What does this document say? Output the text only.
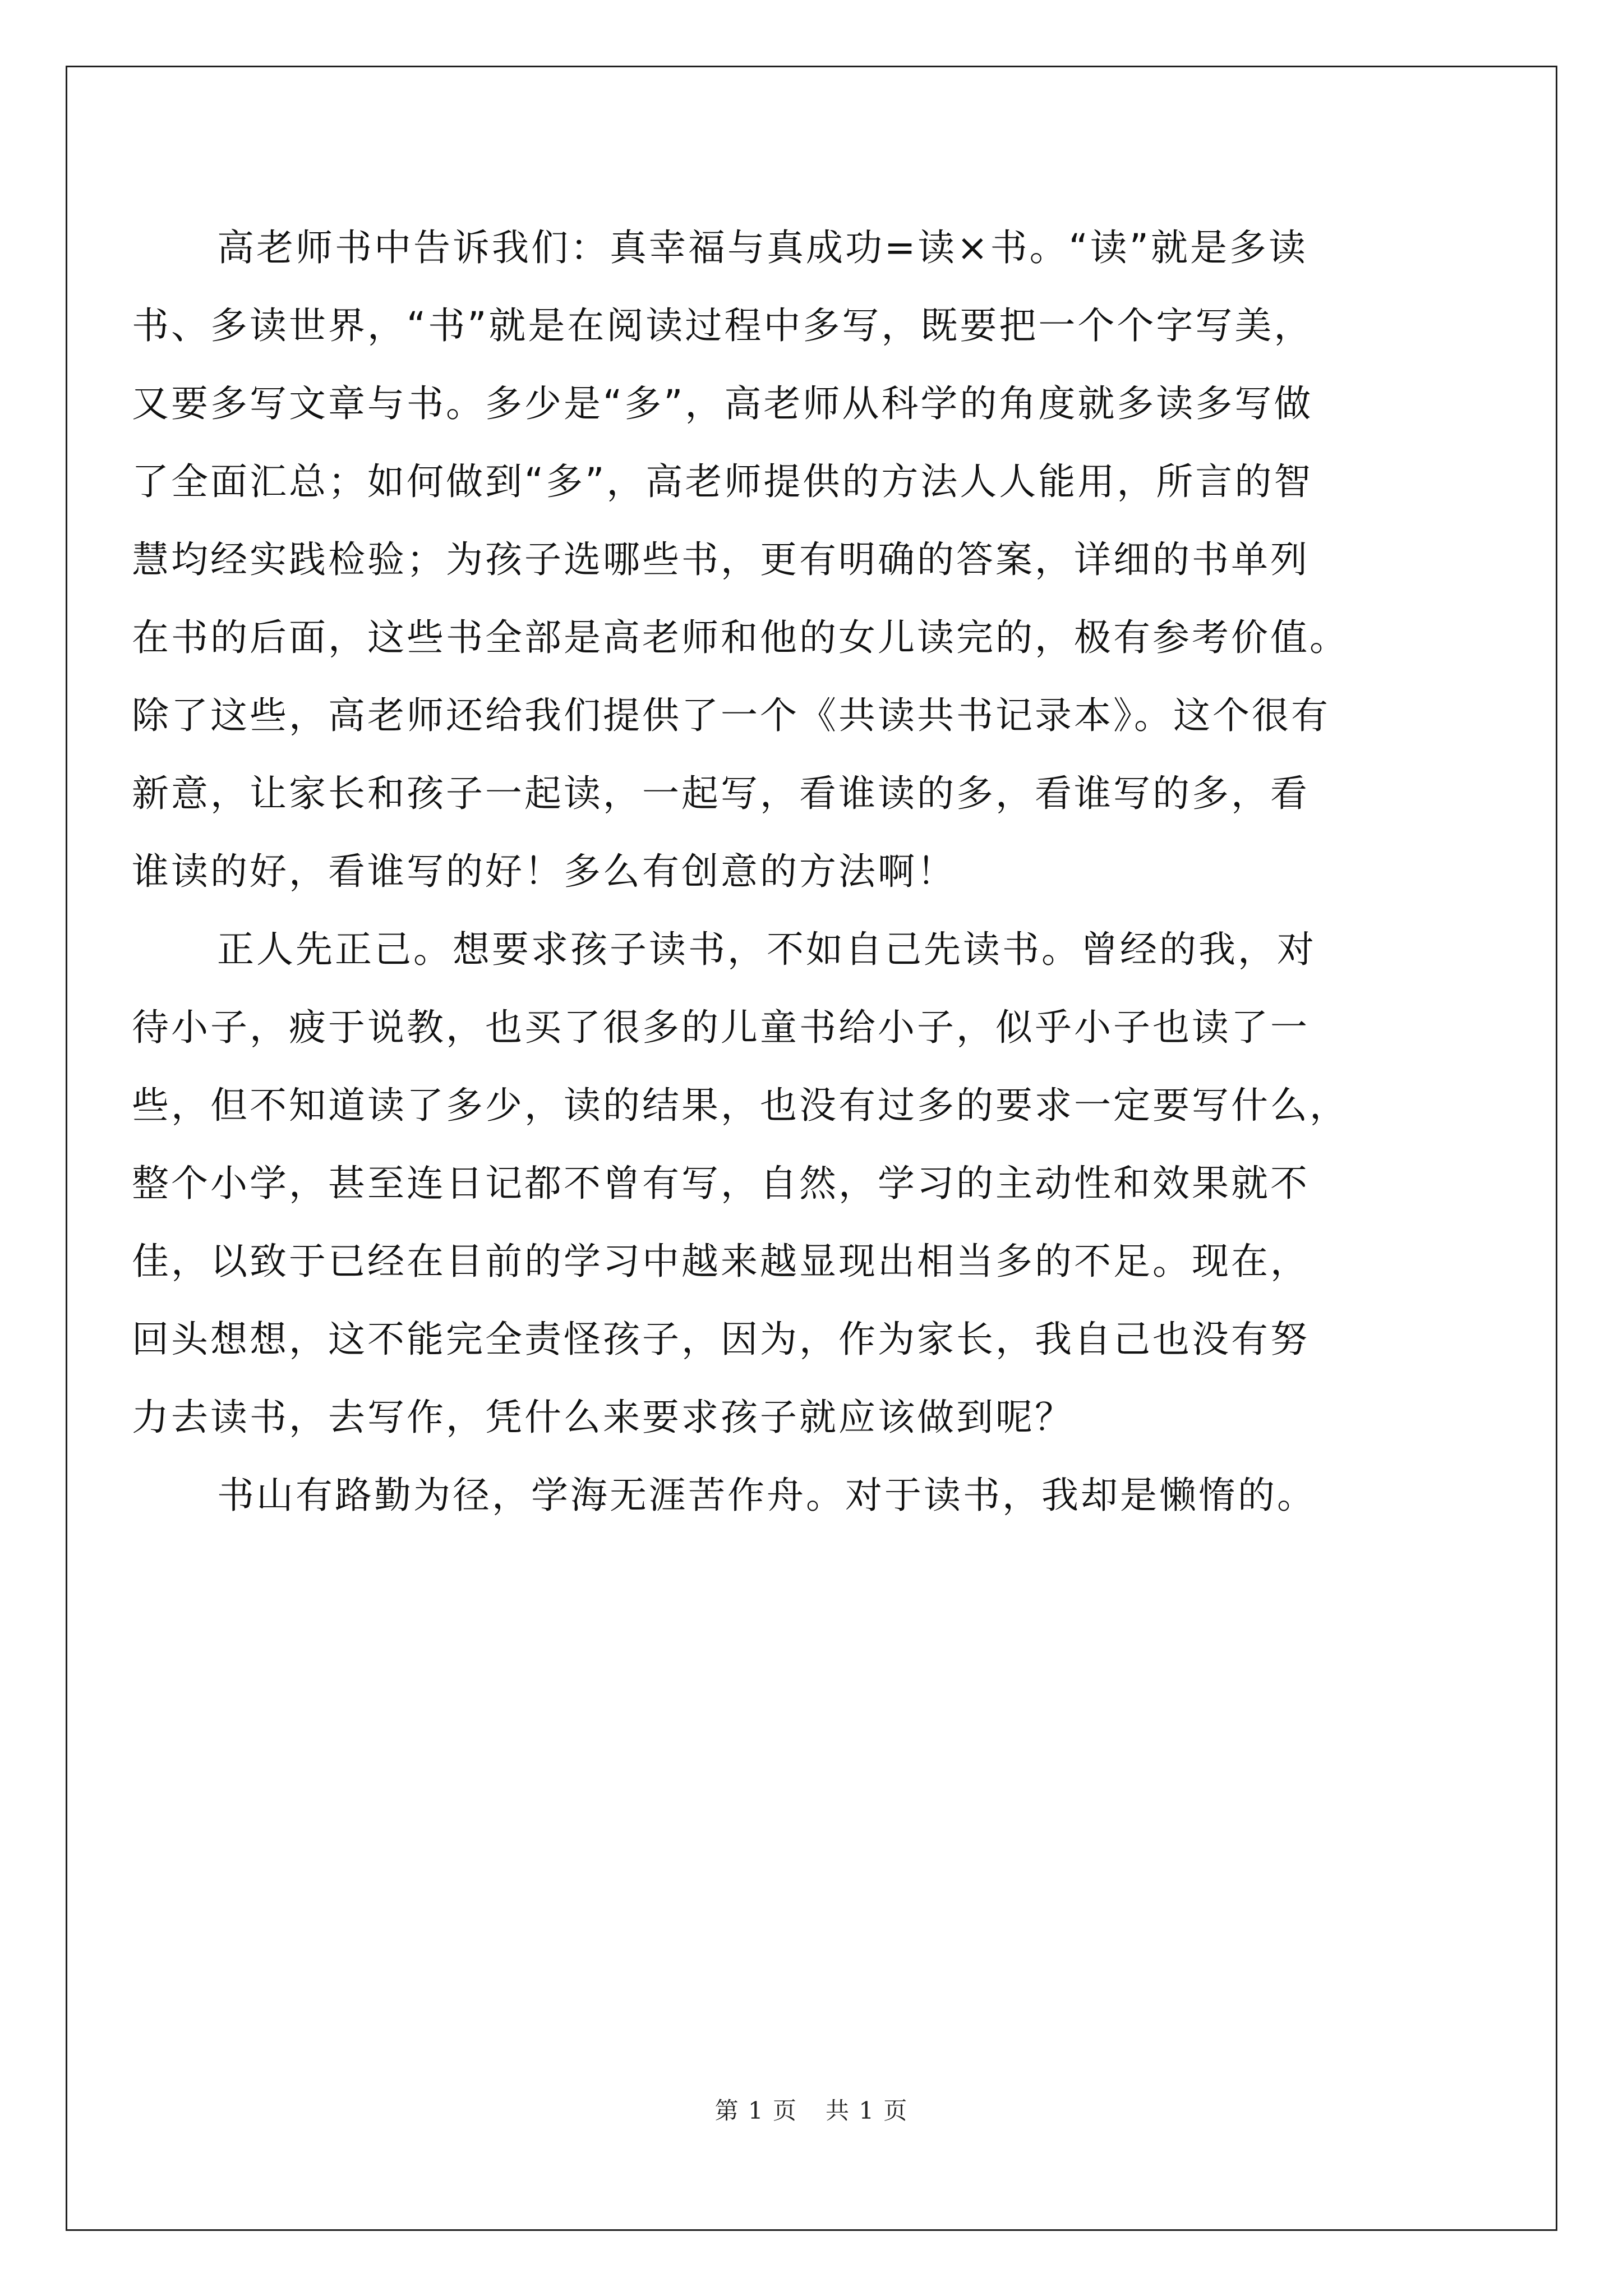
高老师书中告诉我们：真幸福与真成功=读×书。“读”就是多读
书、多读世界，“书”就是在阅读过程中多写，既要把一个个字写美，
又要多写文章与书。多少是“多”，高老师从科学的角度就多读多写做
了全面汇总；如何做到“多”，高老师提供的方法人人能用，所言的智
慧均经实践检验；为孩子选哪些书，更有明确的答案，详细的书单列
在书的后面，这些书全部是高老师和他的女儿读完的，极有参考价值。
除了这些，高老师还给我们提供了一个《共读共书记录本》。这个很有
新意，让家长和孩子一起读，一起写，看谁读的多，看谁写的多，看
谁读的好，看谁写的好！多么有创意的方法啊！
正人先正己。想要求孩子读书，不如自己先读书。曾经的我，对
待小子，疲于说教，也买了很多的儿童书给小子，似乎小子也读了一
些，但不知道读了多少，读的结果，也没有过多的要求一定要写什么，
整个小学，甚至连日记都不曾有写，自然，学习的主动性和效果就不
佳，以致于已经在目前的学习中越来越显现出相当多的不足。现在，
回头想想，这不能完全责怪孩子，因为，作为家长，我自己也没有努
力去读书，去写作，凭什么来要求孩子就应该做到呢？
书山有路勤为径，学海无涯苦作舟。对于读书，我却是懒惰的。
第 1 页 共 1 页
